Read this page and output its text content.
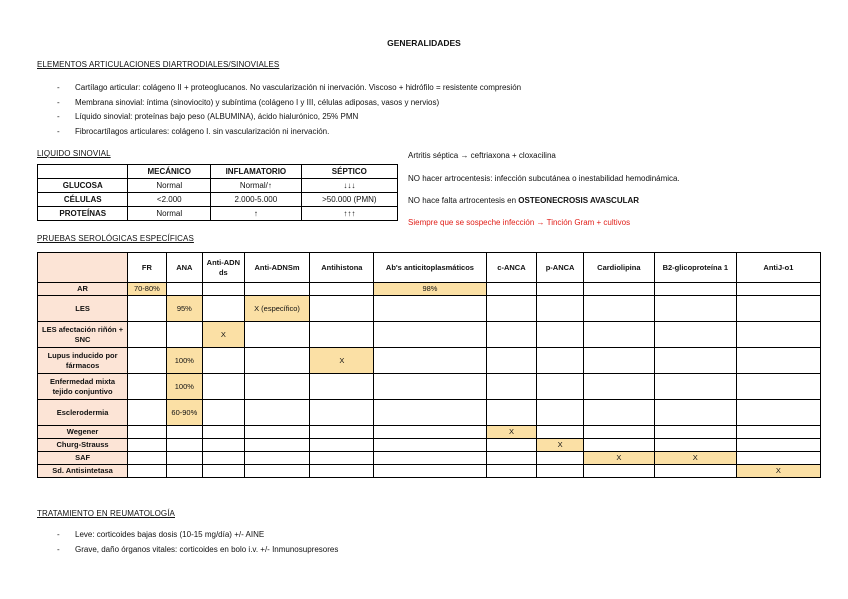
GENERALIDADES
ELEMENTOS ARTICULACIONES DIARTRODIALES/SINOVIALES
- Cartílago articular: colágeno II + proteoglucanos. No vascularización ni inervación. Viscoso + hidrófilo = resistente compresión
- Membrana sinovial: íntima (sinoviocito) y subíntima (colágeno I y III, células adiposas, vasos y nervios)
- Líquido sinovial: proteínas bajo peso (ALBUMINA), ácido hialurónico, 25% PMN
- Fibrocartílagos articulares: colágeno I. sin vascularización ni inervación.
LIQUIDO SINOVIAL
	MECÁNICO	INFLAMATORIO	SÉPTICO
GLUCOSA	Normal	Normal/↑	↓↓↓
CÉLULAS	<2.000	2.000-5.000	>50.000 (PMN)
PROTEÍNAS	Normal	↑	↑↑↑
Artritis séptica → ceftriaxona + cloxacilina
NO hacer artrocentesis: infección subcutánea o inestabilidad hemodinámica.
NO hace falta artrocentesis en OSTEONECROSIS AVASCULAR
Siempre que se sospeche infección → Tinción Gram + cultivos
PRUEBAS SEROLÓGICAS ESPECÍFICAS
	FR	ANA	Anti-ADN ds	Anti-ADNSm	Antihistona	Ab's anticitoplasmáticos	c-ANCA	p-ANCA	Cardiolipina	B2-glicoproteína 1	AntiJ-o1
AR	70-80%					98%					
LES		95%		X (específico)							
LES afectación riñón + SNC			X								
Lupus inducido por fármacos		100%			X						
Enfermedad mixta tejido conjuntivo		100%									
Esclerodermia		60-90%									
Wegener							X				
Churg-Strauss								X			
SAF									X	X	
Sd. Antisintetasa											X
TRATAMIENTO EN REUMATOLOGÍA
- Leve: corticoides bajas dosis (10-15 mg/día) +/- AINE
- Grave, daño órganos vitales: corticoides en bolo i.v. +/- Inmunosupresores
